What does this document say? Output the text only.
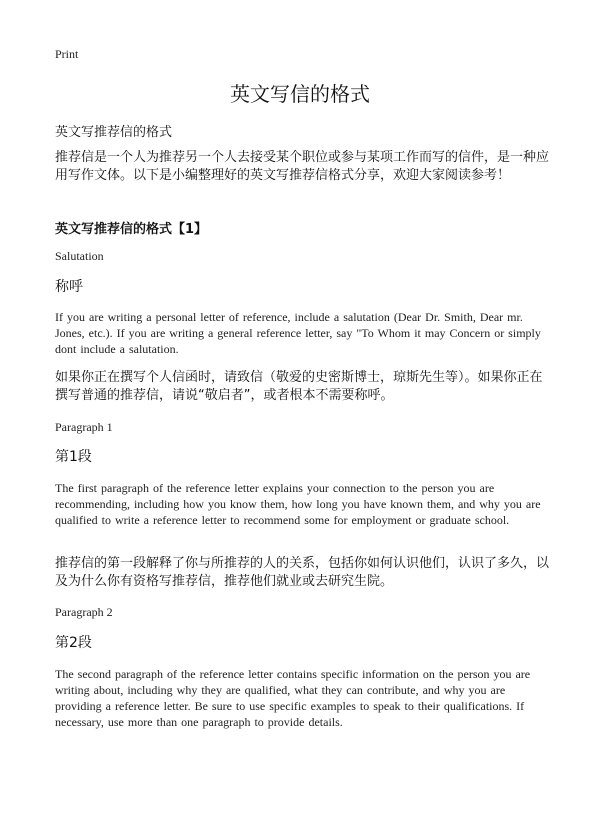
Print
英文写信的格式
英文写推荐信的格式

推荐信是一个人为推荐另一个人去接受某个职位或参与某项工作而写的信件，是一种应用写作文体。以下是小编整理好的英文写推荐信格式分享，欢迎大家阅读参考！

英文写推荐信的格式【1】
Salutation
称呼

If you are writing a personal letter of reference, include a salutation (Dear Dr. Smith, Dear mr. Jones, etc.). If you are writing a general reference letter, say "To Whom it may Concern or simply dont include a salutation.

如果你正在撰写个人信函时，请致信（敬爱的史密斯博士，琼斯先生等）。如果你正在撰写普通的推荐信，请说“敬启者”，或者根本不需要称呼。

Paragraph 1
第1段

The first paragraph of the reference letter explains your connection to the person you are recommending, including how you know them, how long you have known them, and why you are qualified to write a reference letter to recommend some for employment or graduate school.

推荐信的第一段解释了你与所推荐的人的关系，包括你如何认识他们，认识了多久，以及为什么你有资格写推荐信，推荐他们就业或去研究生院。

Paragraph 2
第2段

The second paragraph of the reference letter contains specific information on the person you are writing about, including why they are qualified, what they can contribute, and why you are providing a reference letter. Be sure to use specific examples to speak to their qualifications. If necessary, use more than one paragraph to provide details.
